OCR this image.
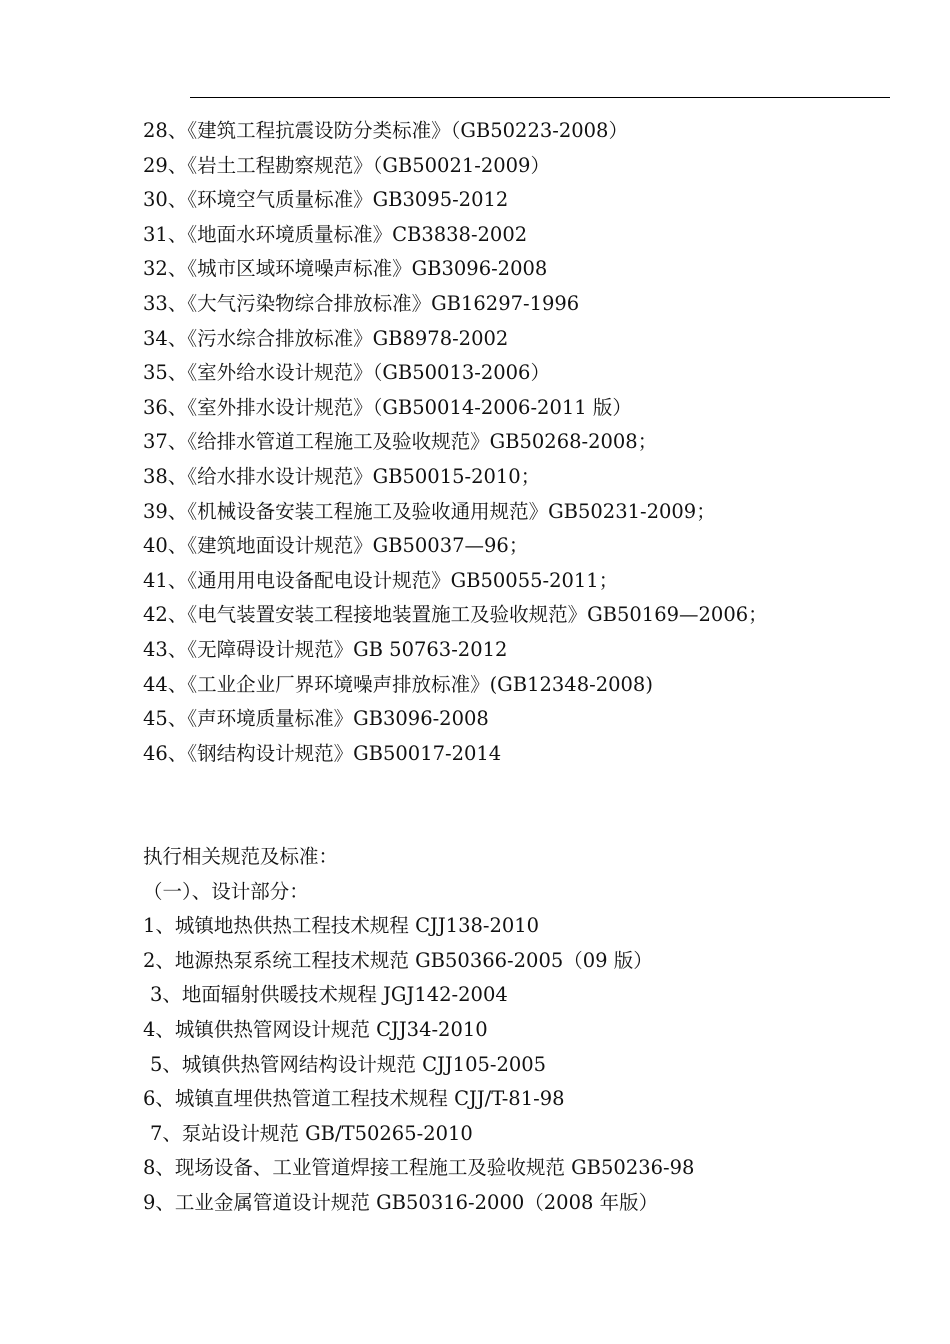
28、《建筑工程抗震设防分类标准》（GB50223-2008）
29、《岩土工程勘察规范》（GB50021-2009）
30、《环境空气质量标准》GB3095-2012
31、《地面水环境质量标准》CB3838-2002
32、《城市区域环境噪声标准》GB3096-2008
33、《大气污染物综合排放标准》GB16297-1996
34、《污水综合排放标准》GB8978-2002
35、《室外给水设计规范》（GB50013-2006）
36、《室外排水设计规范》（GB50014-2006-2011 版）
37、《给排水管道工程施工及验收规范》GB50268-2008；
38、《给水排水设计规范》GB50015-2010；
39、《机械设备安装工程施工及验收通用规范》GB50231-2009；
40、《建筑地面设计规范》GB50037—96；
41、《通用用电设备配电设计规范》GB50055-2011；
42、《电气装置安装工程接地装置施工及验收规范》GB50169—2006；
43、《无障碍设计规范》GB 50763-2012
44、《工业企业厂界环境噪声排放标准》(GB12348-2008)
45、《声环境质量标准》GB3096-2008
46、《钢结构设计规范》GB50017-2014

执行相关规范及标准：

（一）、设计部分：

1、城镇地热供热工程技术规程 CJJ138-2010
2、地源热泵系统工程技术规范 GB50366-2005（09 版）
3、地面辐射供暖技术规程 JGJ142-2004
4、城镇供热管网设计规范 CJJ34-2010
5、城镇供热管网结构设计规范 CJJ105-2005
6、城镇直埋供热管道工程技术规程 CJJ/T-81-98
7、泵站设计规范 GB/T50265-2010
8、现场设备、工业管道焊接工程施工及验收规范 GB50236-98
9、工业金属管道设计规范 GB50316-2000（2008 年版）
